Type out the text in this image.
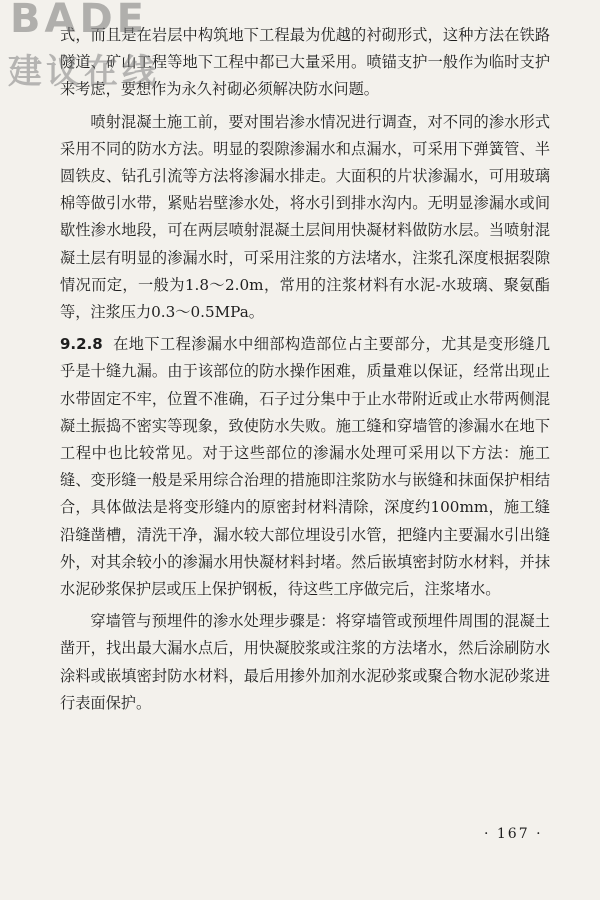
BADE
建议在线

式，而且是在岩层中构筑地下工程最为优越的衬砌形式，这种方法在铁路隧道、矿山工程等地下工程中都已大量采用。喷锚支护一般作为临时支护来考虑，要想作为永久衬砌必须解决防水问题。

喷射混凝土施工前，要对围岩渗水情况进行调查，对不同的渗水形式采用不同的防水方法。明显的裂隙渗漏水和点漏水，可采用下弹簧管、半圆铁皮、钻孔引流等方法将渗漏水排走。大面积的片状渗漏水，可用玻璃棉等做引水带，紧贴岩壁渗水处，将水引到排水沟内。无明显渗漏水或间歇性渗水地段，可在两层喷射混凝土层间用快凝材料做防水层。当喷射混凝土层有明显的渗漏水时，可采用注浆的方法堵水，注浆孔深度根据裂隙情况而定，一般为1.8～2.0m，常用的注浆材料有水泥-水玻璃、聚氨酯等，注浆压力0.3～0.5MPa。

9.2.8 在地下工程渗漏水中细部构造部位占主要部分，尤其是变形缝几乎是十缝九漏。由于该部位的防水操作困难，质量难以保证，经常出现止水带固定不牢，位置不准确，石子过分集中于止水带附近或止水带两侧混凝土振捣不密实等现象，致使防水失败。施工缝和穿墙管的渗漏水在地下工程中也比较常见。对于这些部位的渗漏水处理可采用以下方法：施工缝、变形缝一般是采用综合治理的措施即注浆防水与嵌缝和抹面保护相结合，具体做法是将变形缝内的原密封材料清除，深度约100mm，施工缝沿缝凿槽，清洗干净，漏水较大部位埋设引水管，把缝内主要漏水引出缝外，对其余较小的渗漏水用快凝材料封堵。然后嵌填密封防水材料，并抹水泥砂浆保护层或压上保护钢板，待这些工序做完后，注浆堵水。

穿墙管与预埋件的渗水处理步骤是：将穿墙管或预埋件周围的混凝土凿开，找出最大漏水点后，用快凝胶浆或注浆的方法堵水，然后涂刷防水涂料或嵌填密封防水材料，最后用掺外加剂水泥砂浆或聚合物水泥砂浆进行表面保护。

· 167 ·
